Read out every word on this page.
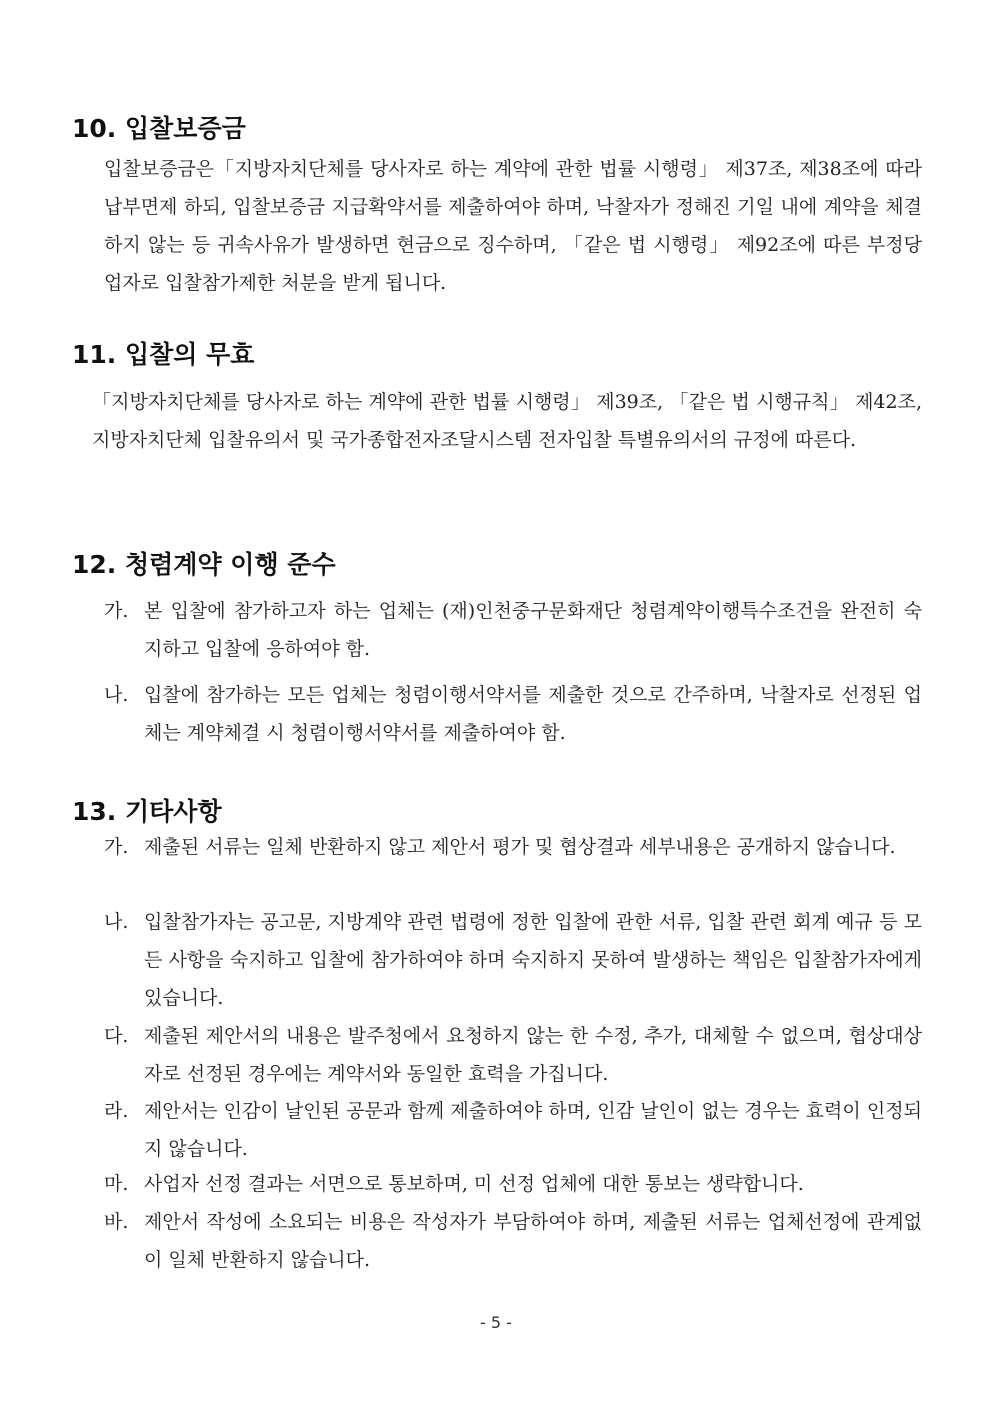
10. 입찰보증금

입찰보증금은「지방자치단체를 당사자로 하는 계약에 관한 법률 시행령」 제37조, 제38조에 따라 납부면제 하되, 입찰보증금 지급확약서를 제출하여야 하며, 낙찰자가 정해진 기일 내에 계약을 체결하지 않는 등 귀속사유가 발생하면 현금으로 징수하며, 「같은 법 시행령」 제92조에 따른 부정당업자로 입찰참가제한 처분을 받게 됩니다.

11. 입찰의 무효

「지방자치단체를 당사자로 하는 계약에 관한 법률 시행령」 제39조, 「같은 법 시행규칙」 제42조, 지방자치단체 입찰유의서 및 국가종합전자조달시스템 전자입찰 특별유의서의 규정에 따른다.

12. 청렴계약 이행 준수
가. 본 입찰에 참가하고자 하는 업체는 (재)인천중구문화재단 청렴계약이행특수조건을 완전히 숙지하고 입찰에 응하여야 함.
나. 입찰에 참가하는 모든 업체는 청렴이행서약서를 제출한 것으로 간주하며, 낙찰자로 선정된 업체는 계약체결 시 청렴이행서약서를 제출하여야 함.
13. 기타사항
가. 제출된 서류는 일체 반환하지 않고 제안서 평가 및 협상결과 세부내용은 공개하지 않습니다.
나. 입찰참가자는 공고문, 지방계약 관련 법령에 정한 입찰에 관한 서류, 입찰 관련 회계 예규 등 모든 사항을 숙지하고 입찰에 참가하여야 하며 숙지하지 못하여 발생하는 책임은 입찰참가자에게 있습니다.
다. 제출된 제안서의 내용은 발주청에서 요청하지 않는 한 수정, 추가, 대체할 수 없으며, 협상대상자로 선정된 경우에는 계약서와 동일한 효력을 가집니다.
라. 제안서는 인감이 날인된 공문과 함께 제출하여야 하며, 인감 날인이 없는 경우는 효력이 인정되지 않습니다.
마. 사업자 선정 결과는 서면으로 통보하며, 미 선정 업체에 대한 통보는 생략합니다.
바. 제안서 작성에 소요되는 비용은 작성자가 부담하여야 하며, 제출된 서류는 업체선정에 관계없이 일체 반환하지 않습니다.
- 5 -
